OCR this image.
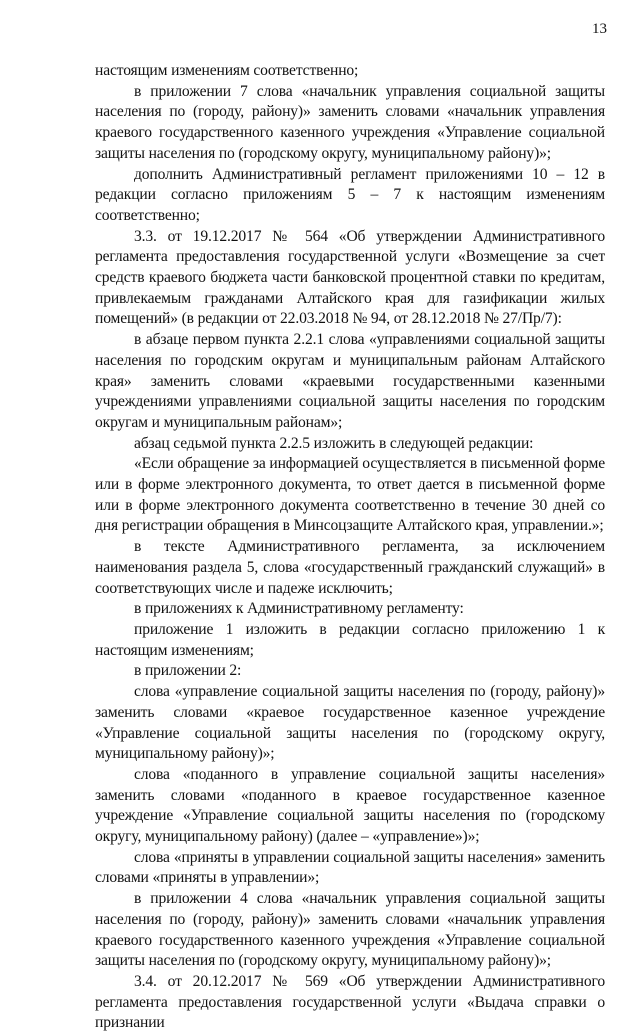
13

настоящим изменениям соответственно;

в приложении 7 слова «начальник управления социальной защиты населения по (городу, району)» заменить словами «начальник управления краевого государственного казенного учреждения «Управление социальной защиты населения по (городскому округу, муниципальному району)»;

дополнить Административный регламент приложениями 10 – 12 в редакции согласно приложениям 5 – 7 к настоящим изменениям соответственно;

3.3. от 19.12.2017 № 564 «Об утверждении Административного регламента предоставления государственной услуги «Возмещение за счет средств краевого бюджета части банковской процентной ставки по кредитам, привлекаемым гражданами Алтайского края для газификации жилых помещений» (в редакции от 22.03.2018 № 94, от 28.12.2018 № 27/Пр/7):

в абзаце первом пункта 2.2.1 слова «управлениями социальной защиты населения по городским округам и муниципальным районам Алтайского края» заменить словами «краевыми государственными казенными учреждениями управлениями социальной защиты населения по городским округам и муниципальным районам»;

абзац седьмой пункта 2.2.5 изложить в следующей редакции:

«Если обращение за информацией осуществляется в письменной форме или в форме электронного документа, то ответ дается в письменной форме или в форме электронного документа соответственно в течение 30 дней со дня регистрации обращения в Минсоцзащите Алтайского края, управлении.»;

в тексте Административного регламента, за исключением наименования раздела 5, слова «государственный гражданский служащий» в соответствующих числе и падеже исключить;

в приложениях к Административному регламенту:

приложение 1 изложить в редакции согласно приложению 1 к настоящим изменениям;

в приложении 2:

слова «управление социальной защиты населения по (городу, району)» заменить словами «краевое государственное казенное учреждение «Управление социальной защиты населения по (городскому округу, муниципальному району)»;

слова «поданного в управление социальной защиты населения» заменить словами «поданного в краевое государственное казенное учреждение «Управление социальной защиты населения по (городскому округу, муниципальному району) (далее – «управление»)»;

слова «приняты в управлении социальной защиты населения» заменить словами «приняты в управлении»;

в приложении 4 слова «начальник управления социальной защиты населения по (городу, району)» заменить словами «начальник управления краевого государственного казенного учреждения «Управление социальной защиты населения по (городскому округу, муниципальному району)»;

3.4. от 20.12.2017 № 569 «Об утверждении Административного регламента предоставления государственной услуги «Выдача справки о признании
